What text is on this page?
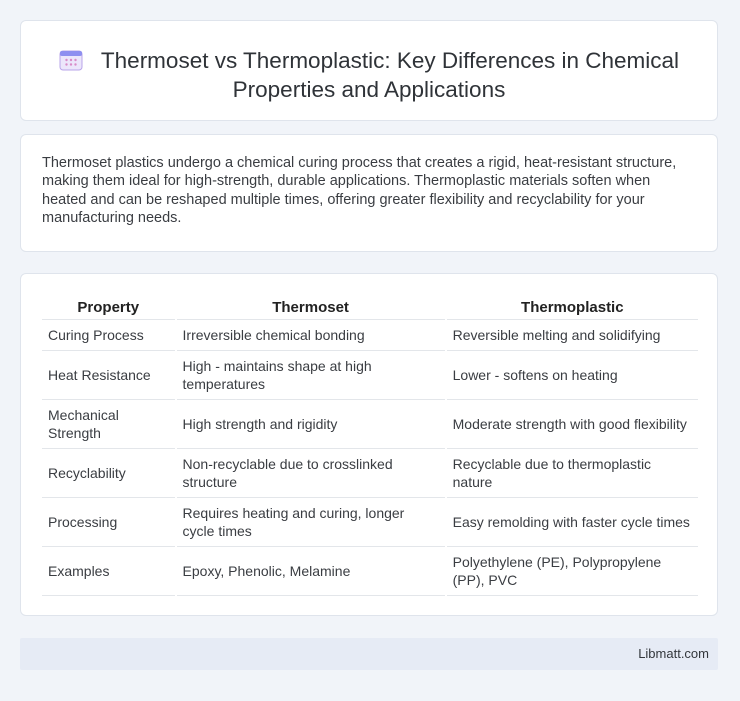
Thermoset vs Thermoplastic: Key Differences in Chemical Properties and Applications

Thermoset plastics undergo a chemical curing process that creates a rigid, heat-resistant structure, making them ideal for high-strength, durable applications. Thermoplastic materials soften when heated and can be reshaped multiple times, offering greater flexibility and recyclability for your manufacturing needs.

Property	Thermoset	Thermoplastic
Curing Process	Irreversible chemical bonding	Reversible melting and solidifying
Heat Resistance	High - maintains shape at high temperatures	Lower - softens on heating
Mechanical Strength	High strength and rigidity	Moderate strength with good flexibility
Recyclability	Non-recyclable due to crosslinked structure	Recyclable due to thermoplastic nature
Processing	Requires heating and curing, longer cycle times	Easy remolding with faster cycle times
Examples	Epoxy, Phenolic, Melamine	Polyethylene (PE), Polypropylene (PP), PVC
Libmatt.com
